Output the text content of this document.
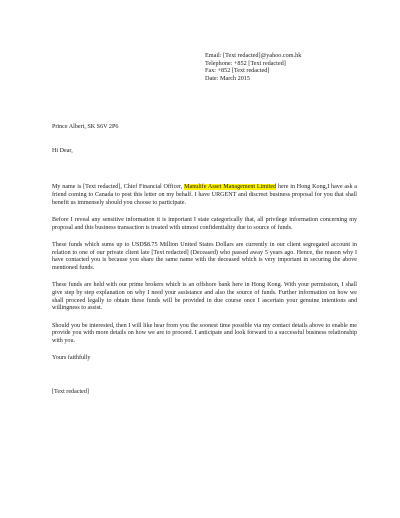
Email: [Text redacted]@yahoo.com.hk
Telephone: +852 [Text redacted]
Fax: +852 [Text redacted]
Date: March 2015

Prince Albert, SK S6V 2P6

Hi Dear,

My name is [Text redacted], Chief Financial Officer, Manulife Asset Management Limited here in Hong Kong,I have ask a friend coming to Canada to post this letter on my behalf. I have URGENT and discreet business proposal for you that shall benefit us immensely should you choose to participate.

Before I reveal any sensitive information it is important I state categorically that, all privilege information concerning my proposal and this business transaction is treated with utmost confidentiality due to source of funds.

These funds which sums up to USD$8.75 Million United States Dollars are currently in our client segregated account in relation to one of our private client late [Text redacted] (Deceased) who passed away 5 years ago. Hence, the reason why I have contacted you is because you share the same name with the deceased which is very important in securing the above mentioned funds.

These funds are held with our prime brokers which is an offshore bank here in Hong Kong. With your permission, I shall give step by step explanation on why I need your assistance and also the source of funds. Further information on how we shall proceed legally to obtain these funds will be provided in due course once I ascertain your genuine intentions and willingness to assist.

Should you be interested, then I will like hear from you the soonest time possible via my contact details above to enable me provide you with more details on how we are to proceed. I anticipate and look forward to a successful business relationship with you.

Yours faithfully

[Text redacted]
